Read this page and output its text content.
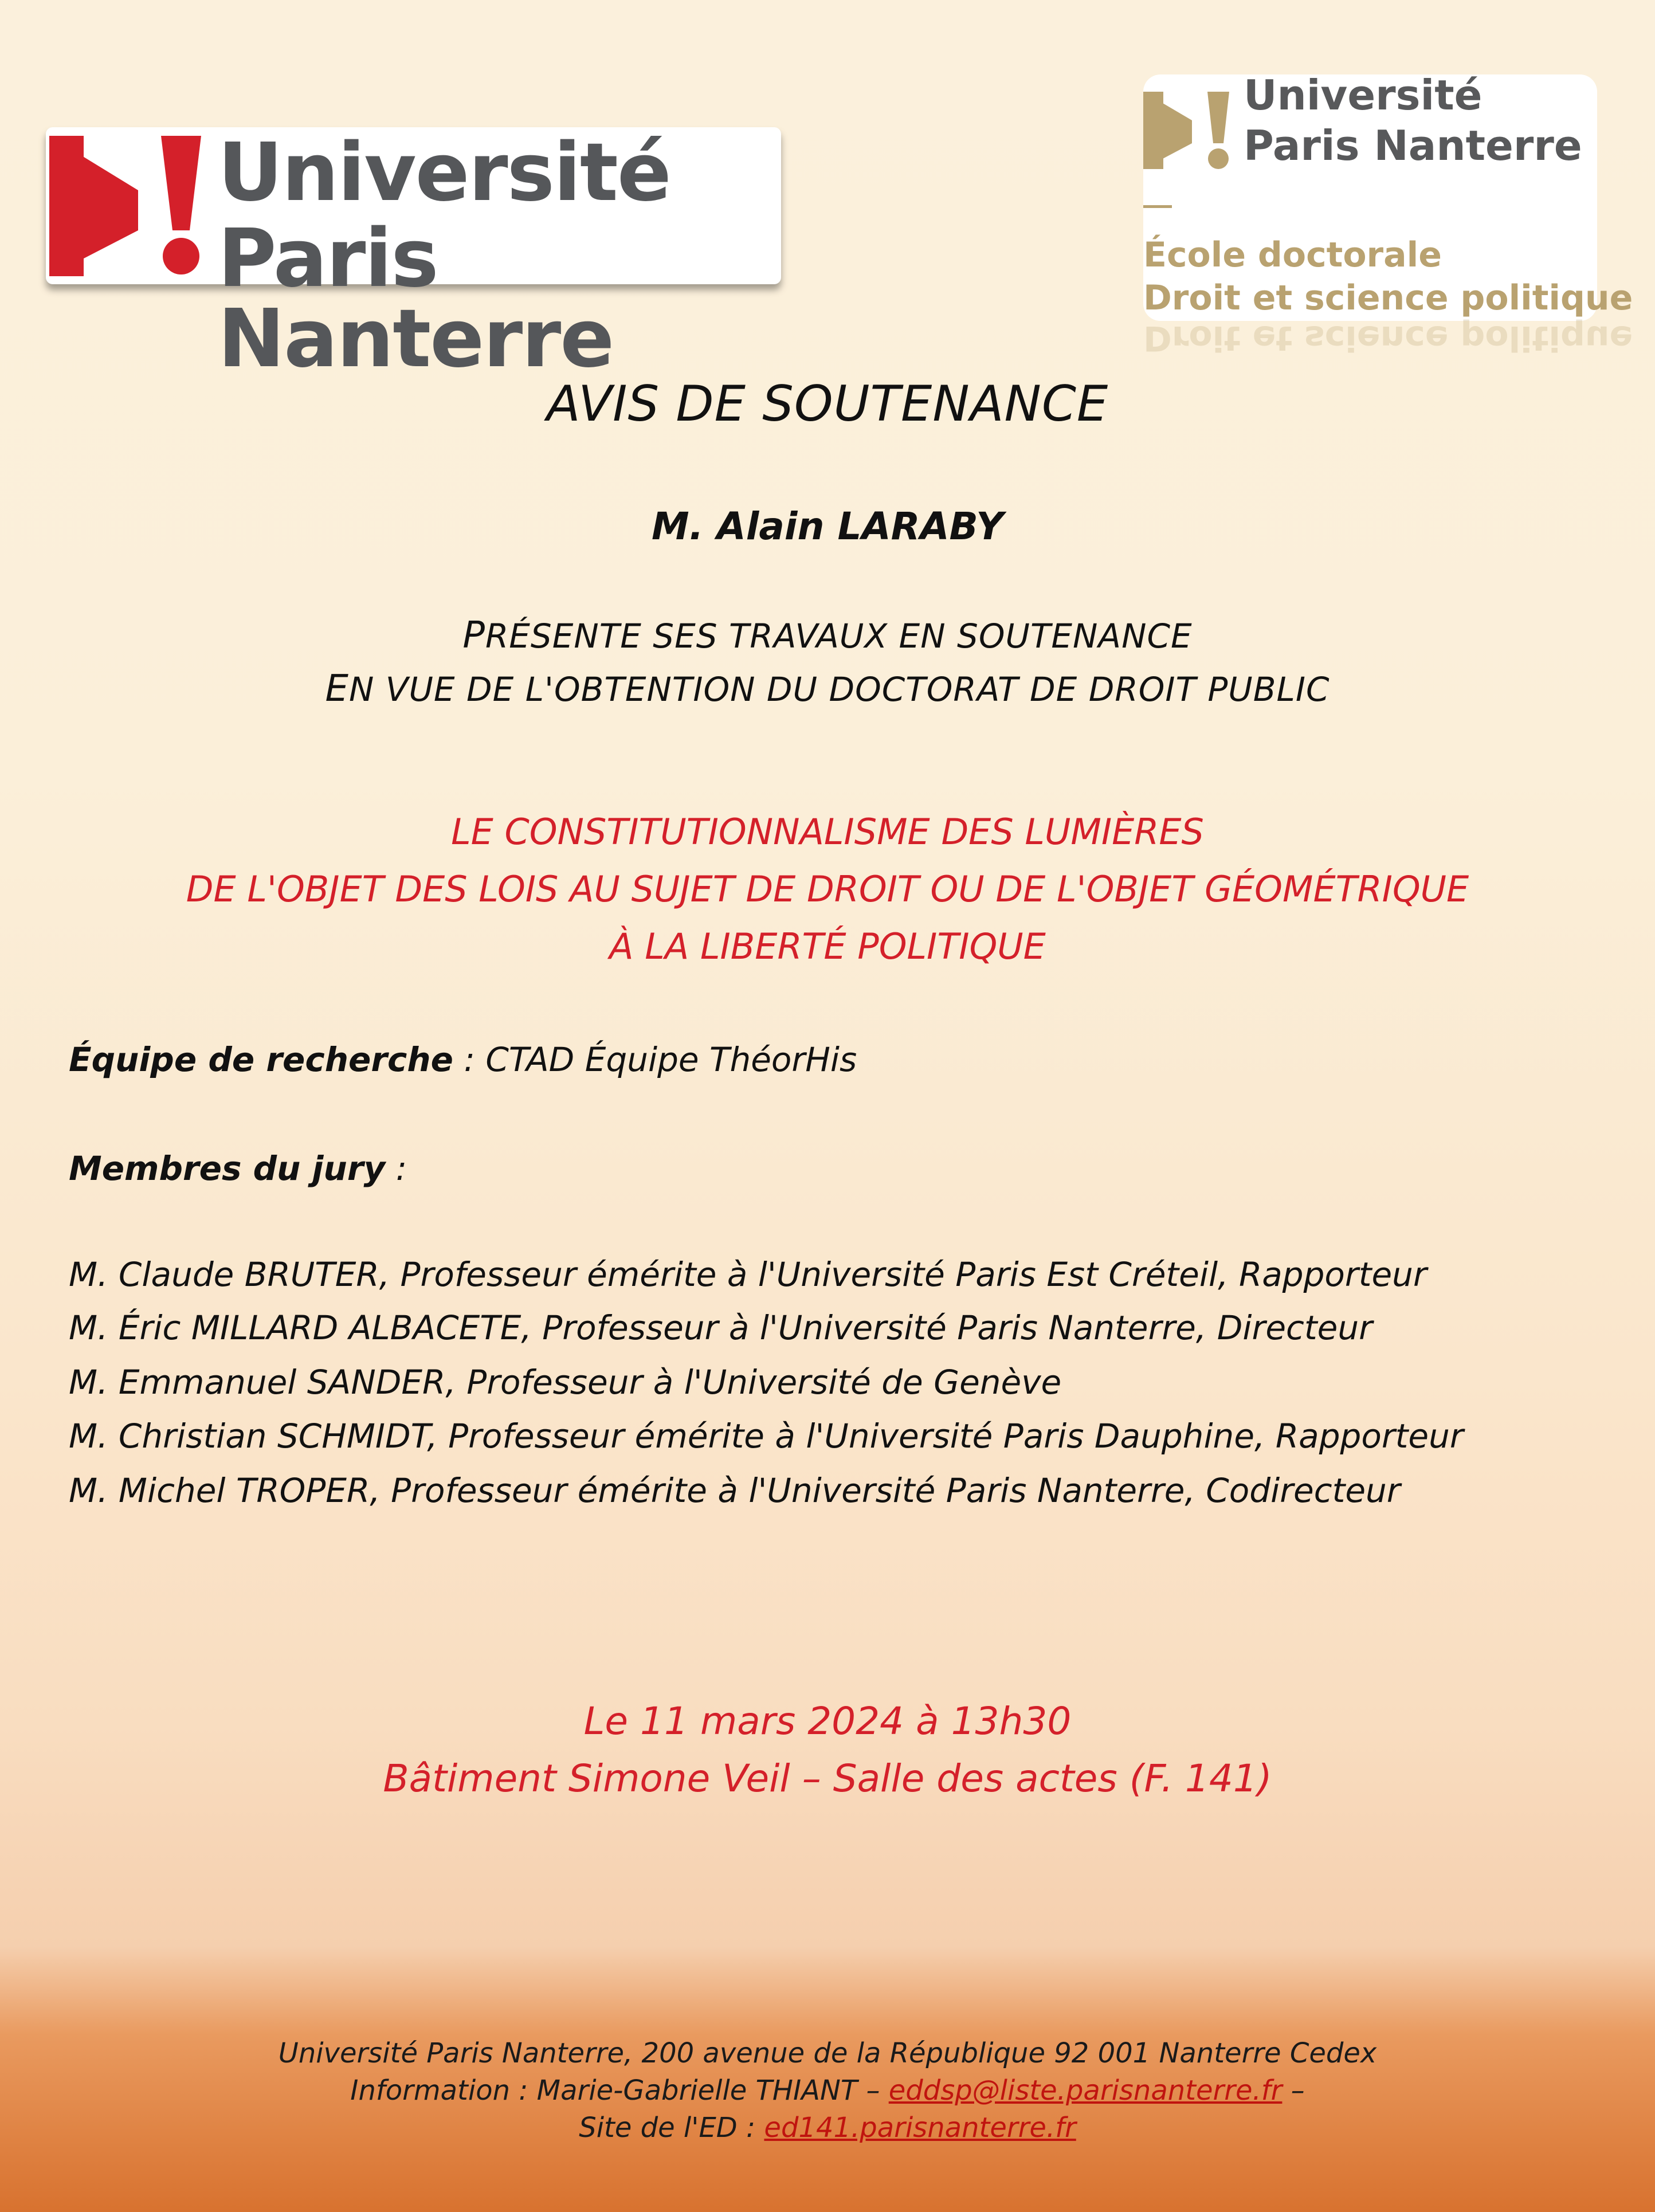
Université
Paris Nanterre
Université
Paris Nanterre
École doctorale
Droit et science politique
Droit et science politique
AVIS DE SOUTENANCE
M. Alain LARABY
PRÉSENTE SES TRAVAUX EN SOUTENANCE
EN VUE DE L'OBTENTION DU DOCTORAT DE DROIT PUBLIC
LE CONSTITUTIONNALISME DES LUMIÈRES
DE L'OBJET DES LOIS AU SUJET DE DROIT OU DE L'OBJET GÉOMÉTRIQUE
À LA LIBERTÉ POLITIQUE
Équipe de recherche : CTAD Équipe ThéorHis
Membres du jury :
M. Claude BRUTER, Professeur émérite à l'Université Paris Est Créteil, Rapporteur
M. Éric MILLARD ALBACETE, Professeur à l'Université Paris Nanterre, Directeur
M. Emmanuel SANDER, Professeur à l'Université de Genève
M. Christian SCHMIDT, Professeur émérite à l'Université Paris Dauphine, Rapporteur
M. Michel TROPER, Professeur émérite à l'Université Paris Nanterre, Codirecteur
Le 11 mars 2024 à 13h30
Bâtiment Simone Veil – Salle des actes (F. 141)
Université Paris Nanterre, 200 avenue de la République 92 001 Nanterre Cedex
Information : Marie-Gabrielle THIANT – eddsp@liste.parisnanterre.fr –
Site de l'ED : ed141.parisnanterre.fr
